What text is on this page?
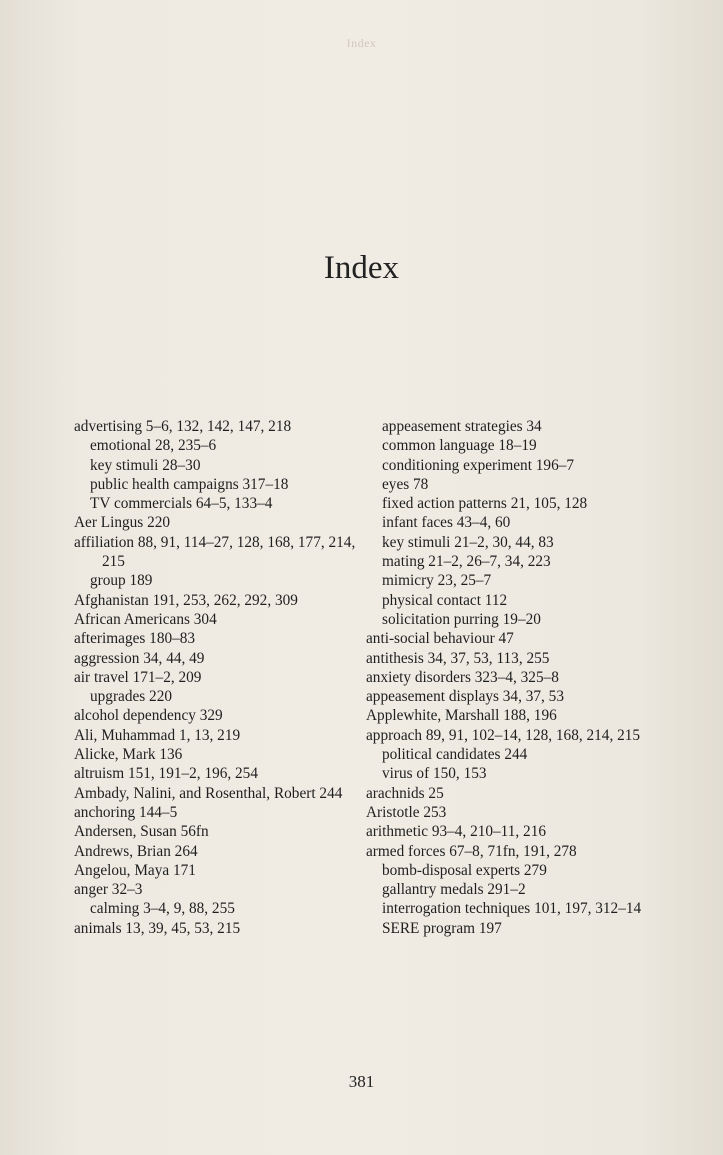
Index
Index

advertising 5–6, 132, 142, 147, 218

emotional 28, 235–6

key stimuli 28–30

public health campaigns 317–18

TV commercials 64–5, 133–4

Aer Lingus 220

affiliation 88, 91, 114–27, 128, 168, 177, 214, 215

group 189

Afghanistan 191, 253, 262, 292, 309

African Americans 304

afterimages 180–83

aggression 34, 44, 49

air travel 171–2, 209

upgrades 220

alcohol dependency 329

Ali, Muhammad 1, 13, 219

Alicke, Mark 136

altruism 151, 191–2, 196, 254

Ambady, Nalini, and Rosenthal, Robert 244

anchoring 144–5

Andersen, Susan 56fn

Andrews, Brian 264

Angelou, Maya 171

anger 32–3

calming 3–4, 9, 88, 255

animals 13, 39, 45, 53, 215

appeasement strategies 34

common language 18–19

conditioning experiment 196–7

eyes 78

fixed action patterns 21, 105, 128

infant faces 43–4, 60

key stimuli 21–2, 30, 44, 83

mating 21–2, 26–7, 34, 223

mimicry 23, 25–7

physical contact 112

solicitation purring 19–20

anti-social behaviour 47

antithesis 34, 37, 53, 113, 255

anxiety disorders 323–4, 325–8

appeasement displays 34, 37, 53

Applewhite, Marshall 188, 196

approach 89, 91, 102–14, 128, 168, 214, 215

political candidates 244

virus of 150, 153

arachnids 25

Aristotle 253

arithmetic 93–4, 210–11, 216

armed forces 67–8, 71fn, 191, 278

bomb-disposal experts 279

gallantry medals 291–2

interrogation techniques 101, 197, 312–14

SERE program 197

381
